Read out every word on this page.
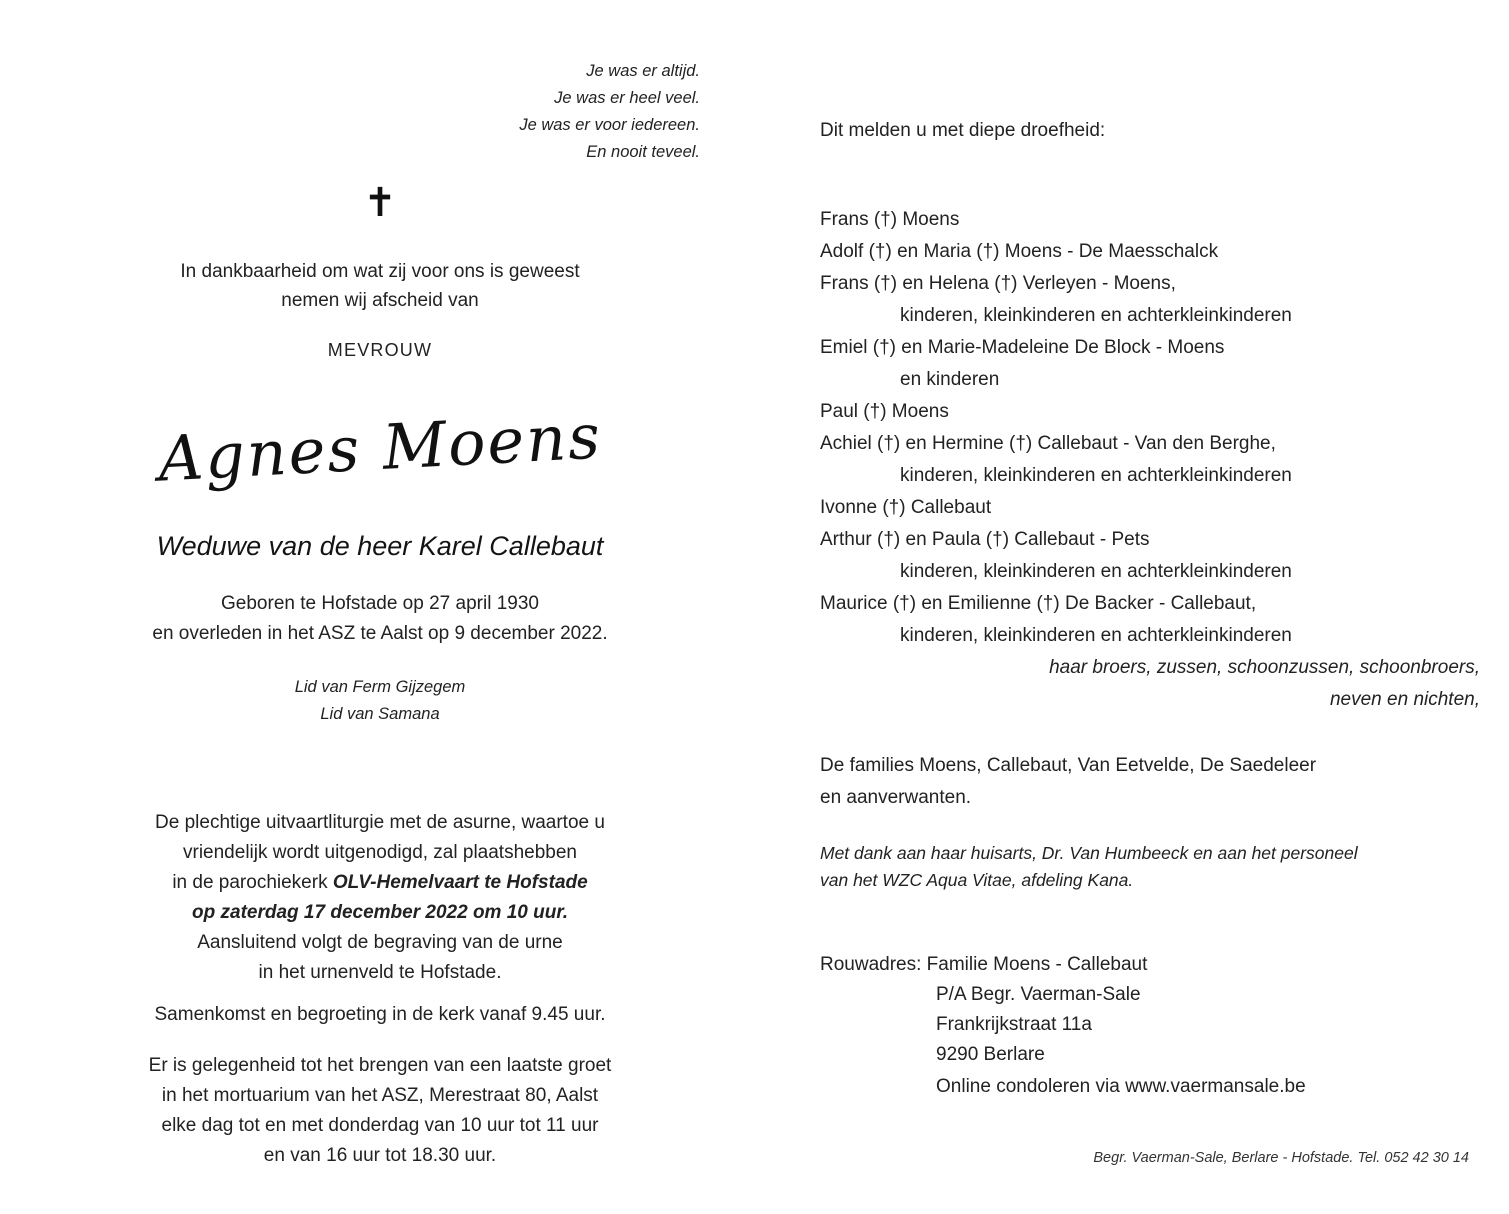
Je was er altijd.
Je was er heel veel.
Je was er voor iedereen.
En nooit teveel.
✝
In dankbaarheid om wat zij voor ons is geweest
nemen wij afscheid van
MEVROUW
Agnes Moens
Weduwe van de heer Karel Callebaut
Geboren te Hofstade op 27 april 1930
en overleden in het ASZ te Aalst op 9 december 2022.
Lid van Ferm Gijzegem
Lid van Samana
De plechtige uitvaartliturgie met de asurne, waartoe u
vriendelijk wordt uitgenodigd, zal plaatshebben
in de parochiekerk OLV-Hemelvaart te Hofstade
op zaterdag 17 december 2022 om 10 uur.
Aansluitend volgt de begraving van de urne
in het urnenveld te Hofstade.
Samenkomst en begroeting in de kerk vanaf 9.45 uur.
Er is gelegenheid tot het brengen van een laatste groet
in het mortuarium van het ASZ, Merestraat 80, Aalst
elke dag tot en met donderdag van 10 uur tot 11 uur
en van 16 uur tot 18.30 uur.
Dit melden u met diepe droefheid:
Frans (†) Moens
Adolf (†) en Maria (†) Moens - De Maesschalck
Frans (†) en Helena (†) Verleyen - Moens,
kinderen, kleinkinderen en achterkleinkinderen
Emiel (†) en Marie-Madeleine De Block - Moens
en kinderen
Paul (†) Moens
Achiel (†) en Hermine (†) Callebaut - Van den Berghe,
kinderen, kleinkinderen en achterkleinkinderen
Ivonne (†) Callebaut
Arthur (†) en Paula (†) Callebaut - Pets
kinderen, kleinkinderen en achterkleinkinderen
Maurice (†) en Emilienne (†) De Backer - Callebaut,
kinderen, kleinkinderen en achterkleinkinderen
haar broers, zussen, schoonzussen, schoonbroers,
neven en nichten,
De families Moens, Callebaut, Van Eetvelde, De Saedeleer
en aanverwanten.
Met dank aan haar huisarts, Dr. Van Humbeeck en aan het personeel
van het WZC Aqua Vitae, afdeling Kana.
Rouwadres: Familie Moens - Callebaut
P/A Begr. Vaerman-Sale
Frankrijkstraat 11a
9290 Berlare
Online condoleren via www.vaermansale.be
Begr. Vaerman-Sale, Berlare - Hofstade. Tel. 052 42 30 14
